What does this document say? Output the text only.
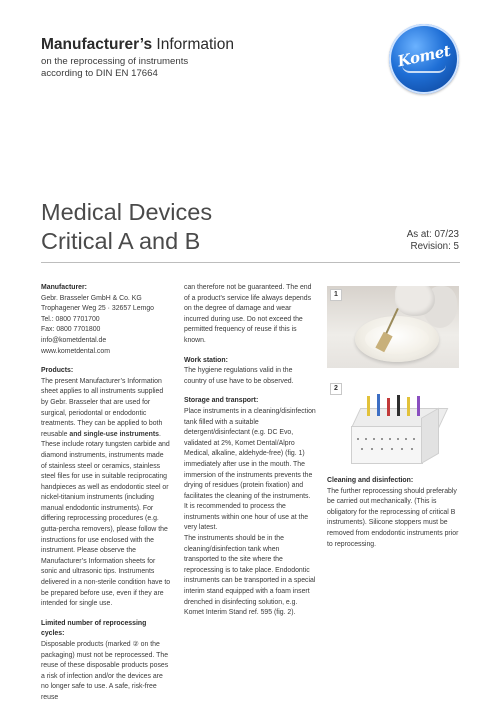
Manufacturer’s Information
on the reprocessing of instruments
according to DIN EN 17664
Komet
Medical Devices
Critical A and B	As at: 07/23
Revision: 5

Manufacturer:

Gebr. Brasseler GmbH & Co. KG

Trophagener Weg 25 · 32657 Lemgo

Tel.: 0800 7701700

Fax: 0800 7701800

info@kometdental.de

www.kometdental.com

Products:

The present Manufacturer’s Information sheet applies to all instruments supplied by Gebr. Brasseler that are used for surgical, periodontal or endodontic treatments. They can be applied to both reusable and single-use instruments. These include rotary tungsten carbide and diamond instruments, instruments made of stainless steel or ceramics, stainless steel files for use in suitable reciprocating handpieces as well as endodontic steel or nickel-titanium instruments (including manual endodontic instruments). For differing reprocessing procedures (e.g. gutta-percha removers), please follow the instructions for use enclosed with the instrument. Please observe the Manufacturer’s Information sheets for sonic and ultrasonic tips. Instruments delivered in a non-sterile condition have to be prepared before use, even if they are intended for single use.

Limited number of reprocessing cycles:

Disposable products (marked ② on the packaging) must not be reprocessed. The reuse of these disposable products poses a risk of infection and/or the devices are no longer safe to use. A safe, risk-free reuse

can therefore not be guaranteed. The end of a product’s service life always depends on the degree of damage and wear incurred during use. Do not exceed the permitted frequency of reuse if this is known.

Work station:

The hygiene regulations valid in the country of use have to be observed.

Storage and transport:

Place instruments in a cleaning/disinfection tank filled with a suitable detergent/disinfectant (e.g. DC Evo, validated at 2%, Komet Dental/Alpro Medical, alkaline, aldehyde-free) (fig. 1) immediately after use in the mouth. The immersion of the instruments prevents the drying of residues (protein fixation) and facilitates the cleaning of the instruments. It is recommended to process the instruments within one hour of use at the very latest.

The instruments should be in the cleaning/disinfection tank when transported to the site where the reprocessing is to take place. Endodontic instruments can be transported in a special interim stand equipped with a foam insert drenched in disinfecting solution, e.g. Komet Interim Stand ref. 595 (fig. 2).

1
2

Cleaning and disinfection:

The further reprocessing should preferably be carried out mechanically. (This is obligatory for the reprocessing of critical B instruments). Silicone stoppers must be removed from endodontic instruments prior to reprocessing.
